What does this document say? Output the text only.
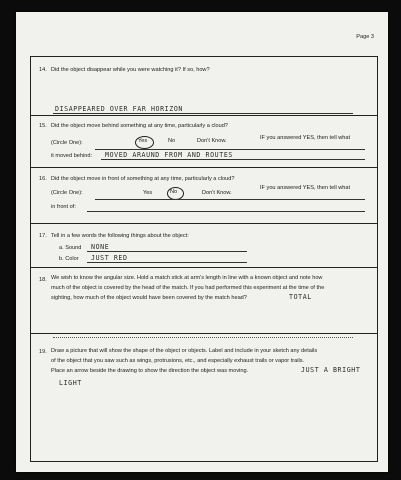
Page 3
14. Did the object disappear while you were watching it? If so, how?
DISAPPEARED OVER FAR HORIZON
15. Did the object move behind something at any time, particularly a cloud?
(Circle One):	Yes	No	Don't Know.	IF you answered YES, then tell what
it moved behind: MOVED ARAUND FROM AND ROUTES
16. Did the object move in front of something at any time, particularly a cloud?
(Circle One):	Yes	No	Don't Know.
IF you answered YES, then tell what
in front of:
17. Tell in a few words the following things about the object:
a. Sound NONE
b. Color JUST RED
18. We wish to know the angular size. Hold a match stick at arm's length in line with a known object and note how
much of the object is covered by the head of the match. If you had performed this experiment at the time of the
sighting, how much of the object would have been covered by the match head?	TOTAL
19. Draw a picture that will show the shape of the object or objects. Label and include in your sketch any details
of the object that you saw such as wings, protrusions, etc., and especially exhaust trails or vapor trails.
Place an arrow beside the drawing to show the direction the object was moving.	JUST A BRIGHT
LIGHT
